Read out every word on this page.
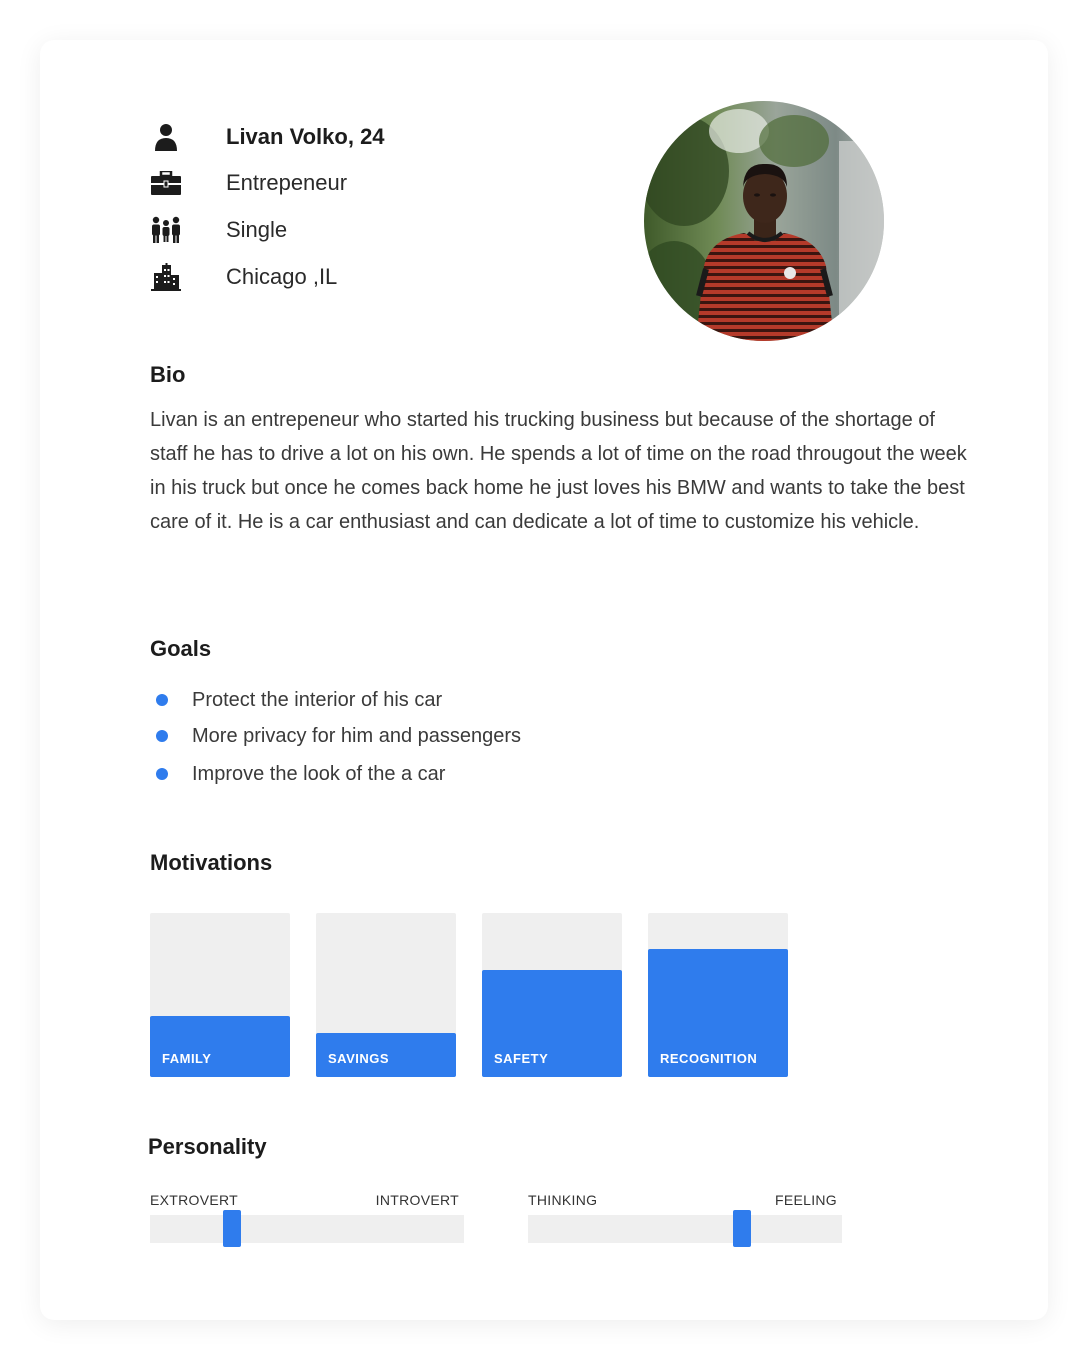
Livan Volko, 24
Entrepeneur
Single
Chicago ,IL
Bio
Livan is an entrepeneur who started his trucking business but because of the shortage of staff he has to drive a lot on his own. He spends a lot of time on the road througout the week in his truck but once he comes back home he just loves his BMW and wants to take the best care of it. He is a car enthusiast and can dedicate a lot of time to customize his vehicle.
Goals
Protect the interior of his car
More privacy for him and passengers
Improve the look of the a car
Motivations
FAMILY	SAVINGS	SAFETY	RECOGNITION
Personality
EXTROVERT	INTROVERT	THINKING	FEELING
